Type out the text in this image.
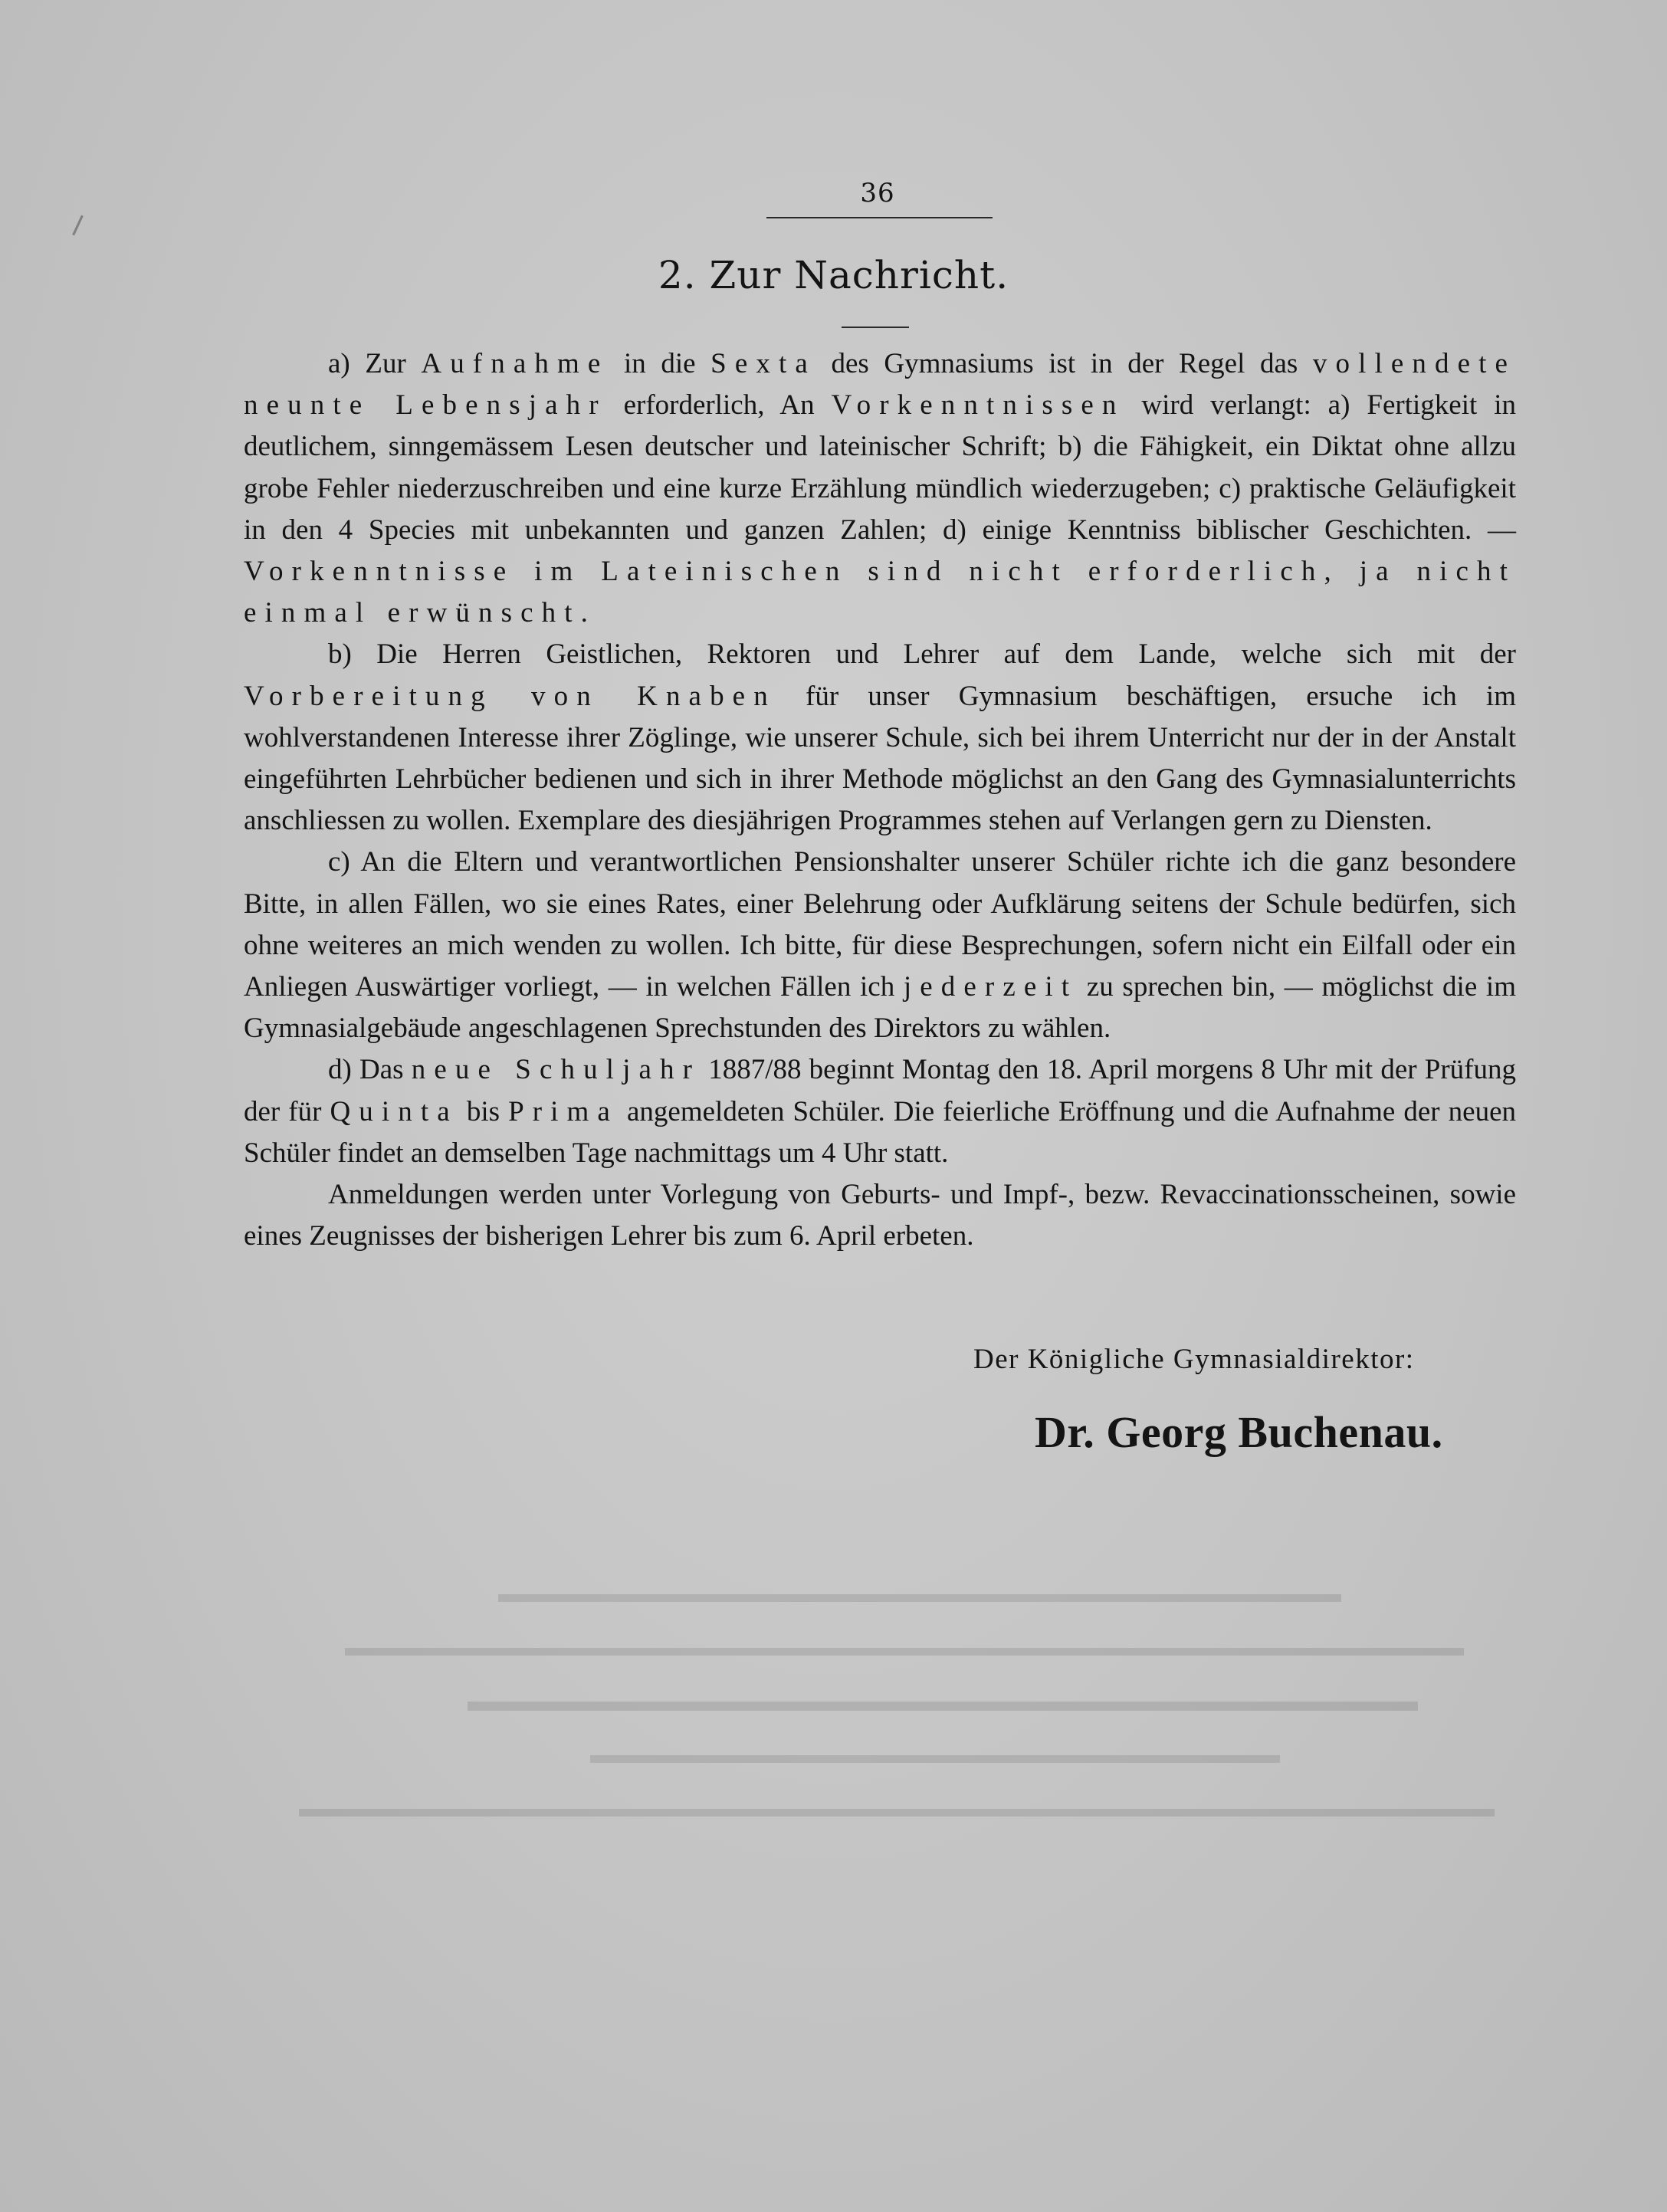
36
2. Zur Nachricht.

a) Zur Aufnahme in die Sexta des Gymnasiums ist in der Regel das vollendete neunte Lebensjahr erforderlich, An Vorkenntnissen wird verlangt: a) Fertigkeit in deutlichem, sinngemässem Lesen deutscher und lateinischer Schrift; b) die Fähigkeit, ein Diktat ohne allzu grobe Fehler niederzuschreiben und eine kurze Erzählung mündlich wiederzugeben; c) praktische Geläufigkeit in den 4 Species mit unbekannten und ganzen Zahlen; d) einige Kenntniss biblischer Geschichten. — Vorkenntnisse im Lateinischen sind nicht erforderlich, ja nicht einmal erwünscht.

b) Die Herren Geistlichen, Rektoren und Lehrer auf dem Lande, welche sich mit der Vorbereitung von Knaben für unser Gymnasium beschäftigen, ersuche ich im wohlverstandenen Interesse ihrer Zöglinge, wie unserer Schule, sich bei ihrem Unterricht nur der in der Anstalt eingeführten Lehrbücher bedienen und sich in ihrer Methode möglichst an den Gang des Gymnasialunterrichts anschliessen zu wollen. Exemplare des diesjährigen Programmes stehen auf Verlangen gern zu Diensten.

c) An die Eltern und verantwortlichen Pensionshalter unserer Schüler richte ich die ganz besondere Bitte, in allen Fällen, wo sie eines Rates, einer Belehrung oder Aufklärung seitens der Schule bedürfen, sich ohne weiteres an mich wenden zu wollen. Ich bitte, für diese Besprechungen, sofern nicht ein Eilfall oder ein Anliegen Auswärtiger vorliegt, — in welchen Fällen ich jederzeit zu sprechen bin, — möglichst die im Gymnasialgebäude angeschlagenen Sprechstunden des Direktors zu wählen.

d) Das neue Schuljahr 1887/88 beginnt Montag den 18. April morgens 8 Uhr mit der Prüfung der für Quinta bis Prima angemeldeten Schüler. Die feierliche Eröffnung und die Aufnahme der neuen Schüler findet an demselben Tage nachmittags um 4 Uhr statt.

Anmeldungen werden unter Vorlegung von Geburts- und Impf-, bezw. Revaccinationsscheinen, sowie eines Zeugnisses der bisherigen Lehrer bis zum 6. April erbeten.

Der Königliche Gymnasialdirektor:
Dr. Georg Buchenau.
